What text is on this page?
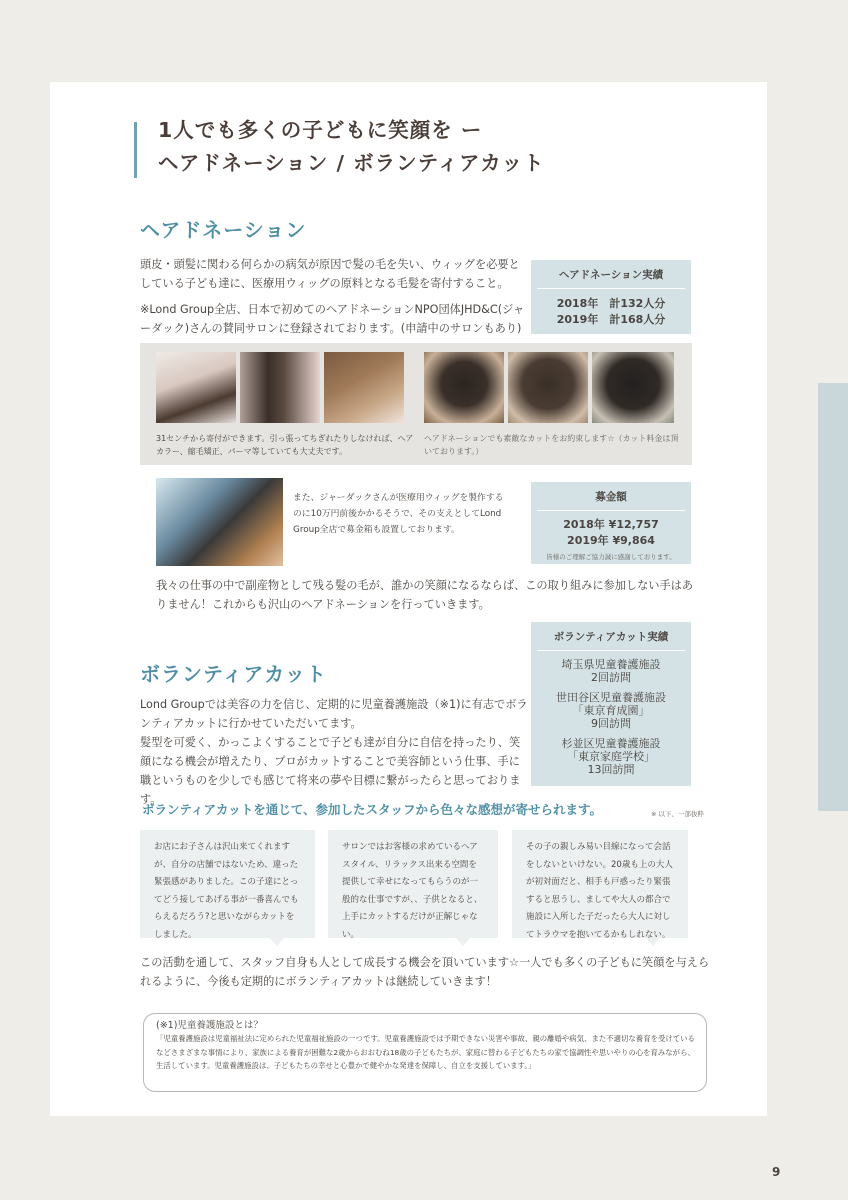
1人でも多くの子どもに笑顔を ー
ヘアドネーション / ボランティアカット
ヘアドネーション
頭皮・頭髪に関わる何らかの病気が原因で髪の毛を失い、ウィッグを必要としている子ども達に、医療用ウィッグの原料となる毛髪を寄付すること。
※Lond Group全店、日本で初めてのヘアドネーションNPO団体JHD&C(ジャーダック)さんの賛同サロンに登録されております。(申請中のサロンもあり)
ヘアドネーション実績
2018年　計132人分
2019年　計168人分
31センチから寄付ができます。引っ張ってちぎれたりしなければ、ヘアカラー、縮毛矯正、パーマ等していても大丈夫です。
ヘアドネーションでも素敵なカットをお約束します☆（カット料金は頂いております。）
また、ジャーダックさんが医療用ウィッグを製作するのに10万円前後かかるそうで、その支えとしてLond Group全店で募金箱も設置しております。
募金額
2018年 ¥12,757
2019年 ¥9,864
皆様のご理解ご協力誠に感謝しております。
我々の仕事の中で副産物として残る髪の毛が、誰かの笑顔になるならば、この取り組みに参加しない手はありません！これからも沢山のヘアドネーションを行っていきます。
ボランティアカット
Lond Groupでは美容の力を信じ、定期的に児童養護施設（※1)に有志でボランティアカットに行かせていただいてます。
髪型を可愛く、かっこよくすることで子ども達が自分に自信を持ったり、笑顔になる機会が増えたり、プロがカットすることで美容師という仕事、手に職というものを少しでも感じて将来の夢や目標に繋がったらと思っております。
ボランティアカット実績
埼玉県児童養護施設
2回訪問
世田谷区児童養護施設
「東京育成園」
9回訪問
杉並区児童養護施設
「東京家庭学校」
13回訪問
ボランティアカットを通じて、参加したスタッフから色々な感想が寄せられます。	※ 以下、一部抜粋
お店にお子さんは沢山来てくれますが、自分の店舗ではないため、違った緊張感がありました。この子達にとってどう接してあげる事が一番喜んでもらえるだろう?と思いながらカットをしました。
サロンではお客様の求めているヘアスタイル、リラックス出来る空間を提供して幸せになってもらうのが一般的な仕事ですが、、子供となると、上手にカットするだけが正解じゃない。
その子の親しみ易い目線になって会話をしないといけない。20歳も上の大人が初対面だと、相手も戸惑ったり緊張すると思うし、ましてや大人の都合で施設に入所した子だったら大人に対してトラウマを抱いてるかもしれない。
この活動を通して、スタッフ自身も人として成長する機会を頂いています☆一人でも多くの子どもに笑顔を与えられるように、今後も定期的にボランティアカットは継続していきます！
(※1)児童養護施設とは？
「児童養護施設は児童福祉法に定められた児童福祉施設の一つです。児童養護施設では予期できない災害や事故、親の離婚や病気、また不適切な養育を受けているなどさまざまな事情により、家族による養育が困難な2歳からおおむね18歳の子どもたちが、家庭に替わる子どもたちの家で協調性や思いやりの心を育みながら、生活しています。児童養護施設は、子どもたちの幸せと心豊かで健やかな発達を保障し、自立を支援しています。」
9
